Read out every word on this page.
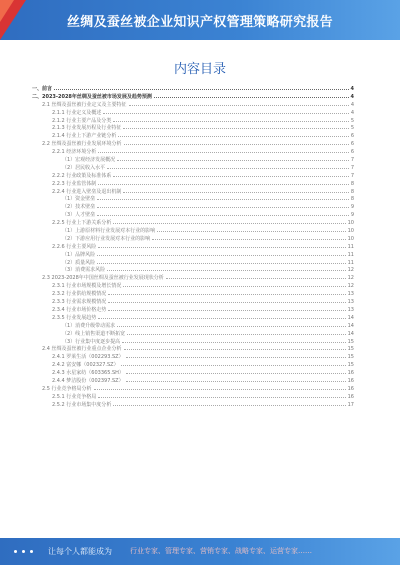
丝绸及蚕丝被企业知识产权管理策略研究报告
内容目录
一、前言	4
二、2023-2028年丝绸及蚕丝被市场发展及趋势预测	4
2.1 丝绸及蚕丝被行业定义及主要特征	4
2.1.1 行业定义及概述	4
2.1.2 行业主要产品及分类	5
2.1.3 行业发展历程及行业特征	5
2.1.4 行业上下游产业链分析	6
2.2 丝绸及蚕丝被行业发展环境分析	6
2.2.1 经济环境分析	6
（1）宏观经济发展概况	7
（2）居民收入水平	7
2.2.2 行业政策及标准体系	7
2.2.3 行业监管体制	8
2.2.4 行业进入壁垒及退出机制	8
（1）资金壁垒	8
（2）技术壁垒	9
（3）人才壁垒	9
2.2.5 行业上下游关系分析	10
（1）上游原材料行业发展对本行业的影响	10
（2）下游应用行业发展对本行业的影响	10
2.2.6 行业主要风险	11
（1）品牌风险	11
（2）质量风险	11
（3）消费需求风险	12
2.3 2023-2028年中国丝绸及蚕丝被行业发展现状分析	12
2.3.1 行业市场规模及增长情况	12
2.3.2 行业供给规模情况	13
2.3.3 行业需求规模情况	13
2.3.4 行业市场价格走势	13
2.3.5 行业发展趋势	14
（1）消费升级带动需求	14
（2）线上销售渠道不断拓宽	14
（3）行业集中度逐步提高	15
2.4 丝绸及蚕丝被行业重点企业分析	15
2.4.1 罗莱生活（002293.SZ）	15
2.4.2 富安娜（002327.SZ）	15
2.4.3 水星家纺（603365.SH）	16
2.4.4 梦洁股份（002397.SZ）	16
2.5 行业竞争格局分析	16
2.5.1 行业竞争格局	16
2.5.2 行业市场集中度分析	17
让每个人都能成为	行业专家、管理专家、营销专家、战略专家、运营专家……
